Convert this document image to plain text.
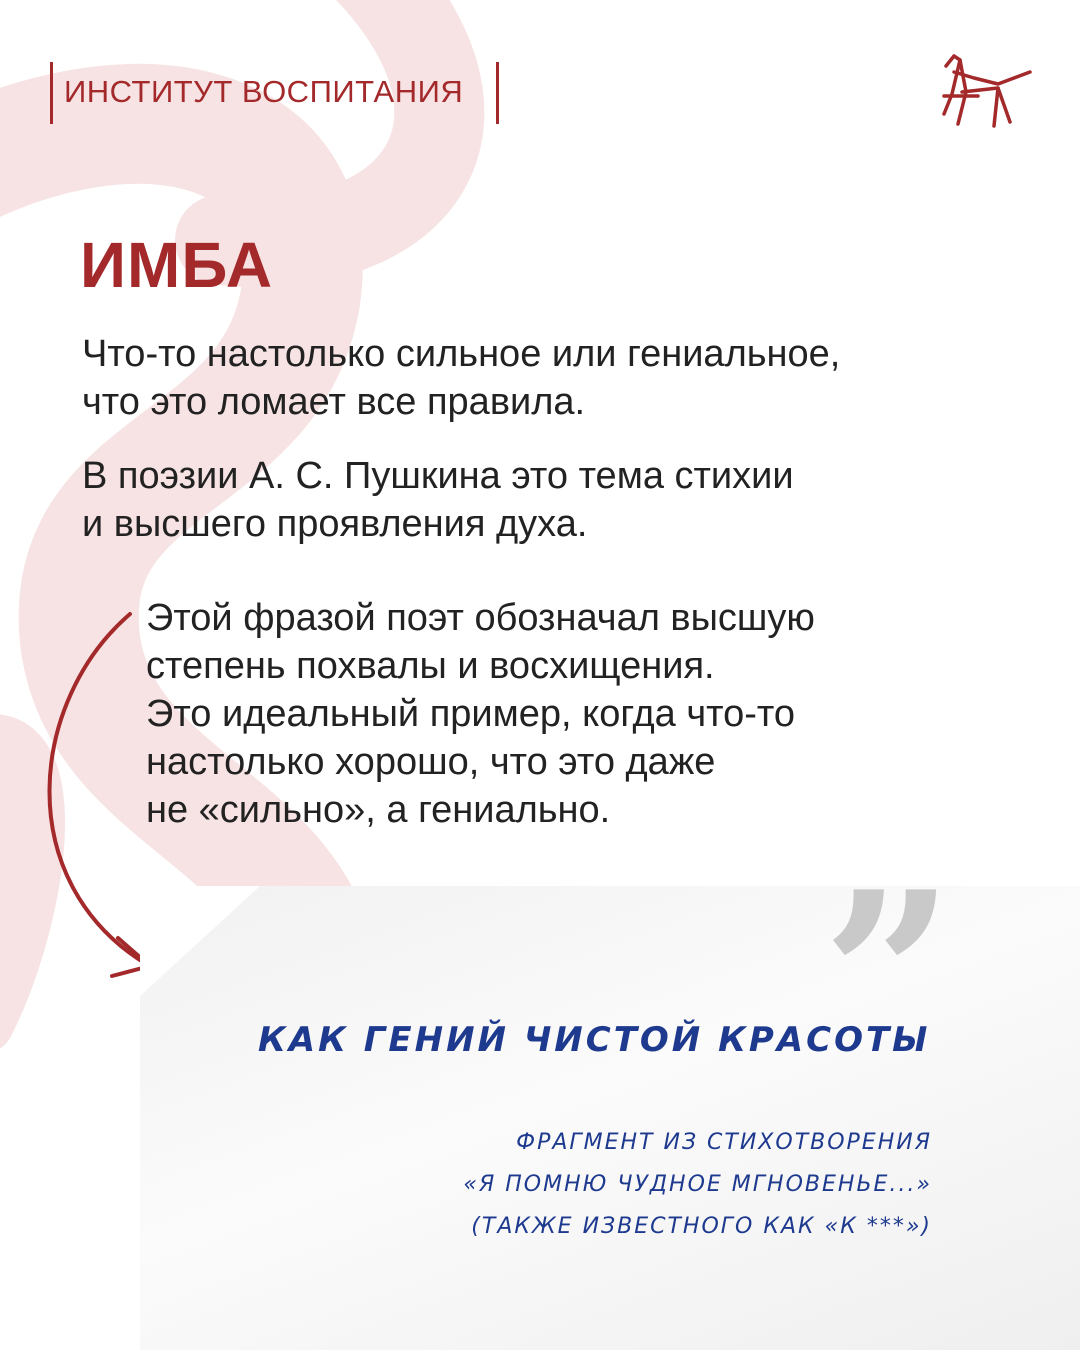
ИНСТИТУТ ВОСПИТАНИЯ
ИМБА
Что-то настолько сильное или гениальное,
что это ломает все правила.
В поэзии А. С. Пушкина это тема стихии
и высшего проявления духа.
Этой фразой поэт обозначал высшую
степень похвалы и восхищения.
Это идеальный пример, когда что-то
настолько хорошо, что это даже
не «сильно», а гениально.
”
КАК ГЕНИЙ ЧИСТОЙ КРАСОТЫ
ФРАГМЕНТ ИЗ СТИХОТВОРЕНИЯ
«Я ПОМНЮ ЧУДНОЕ МГНОВЕНЬЕ...»
(ТАКЖЕ ИЗВЕСТНОГО КАК «К ***»)
